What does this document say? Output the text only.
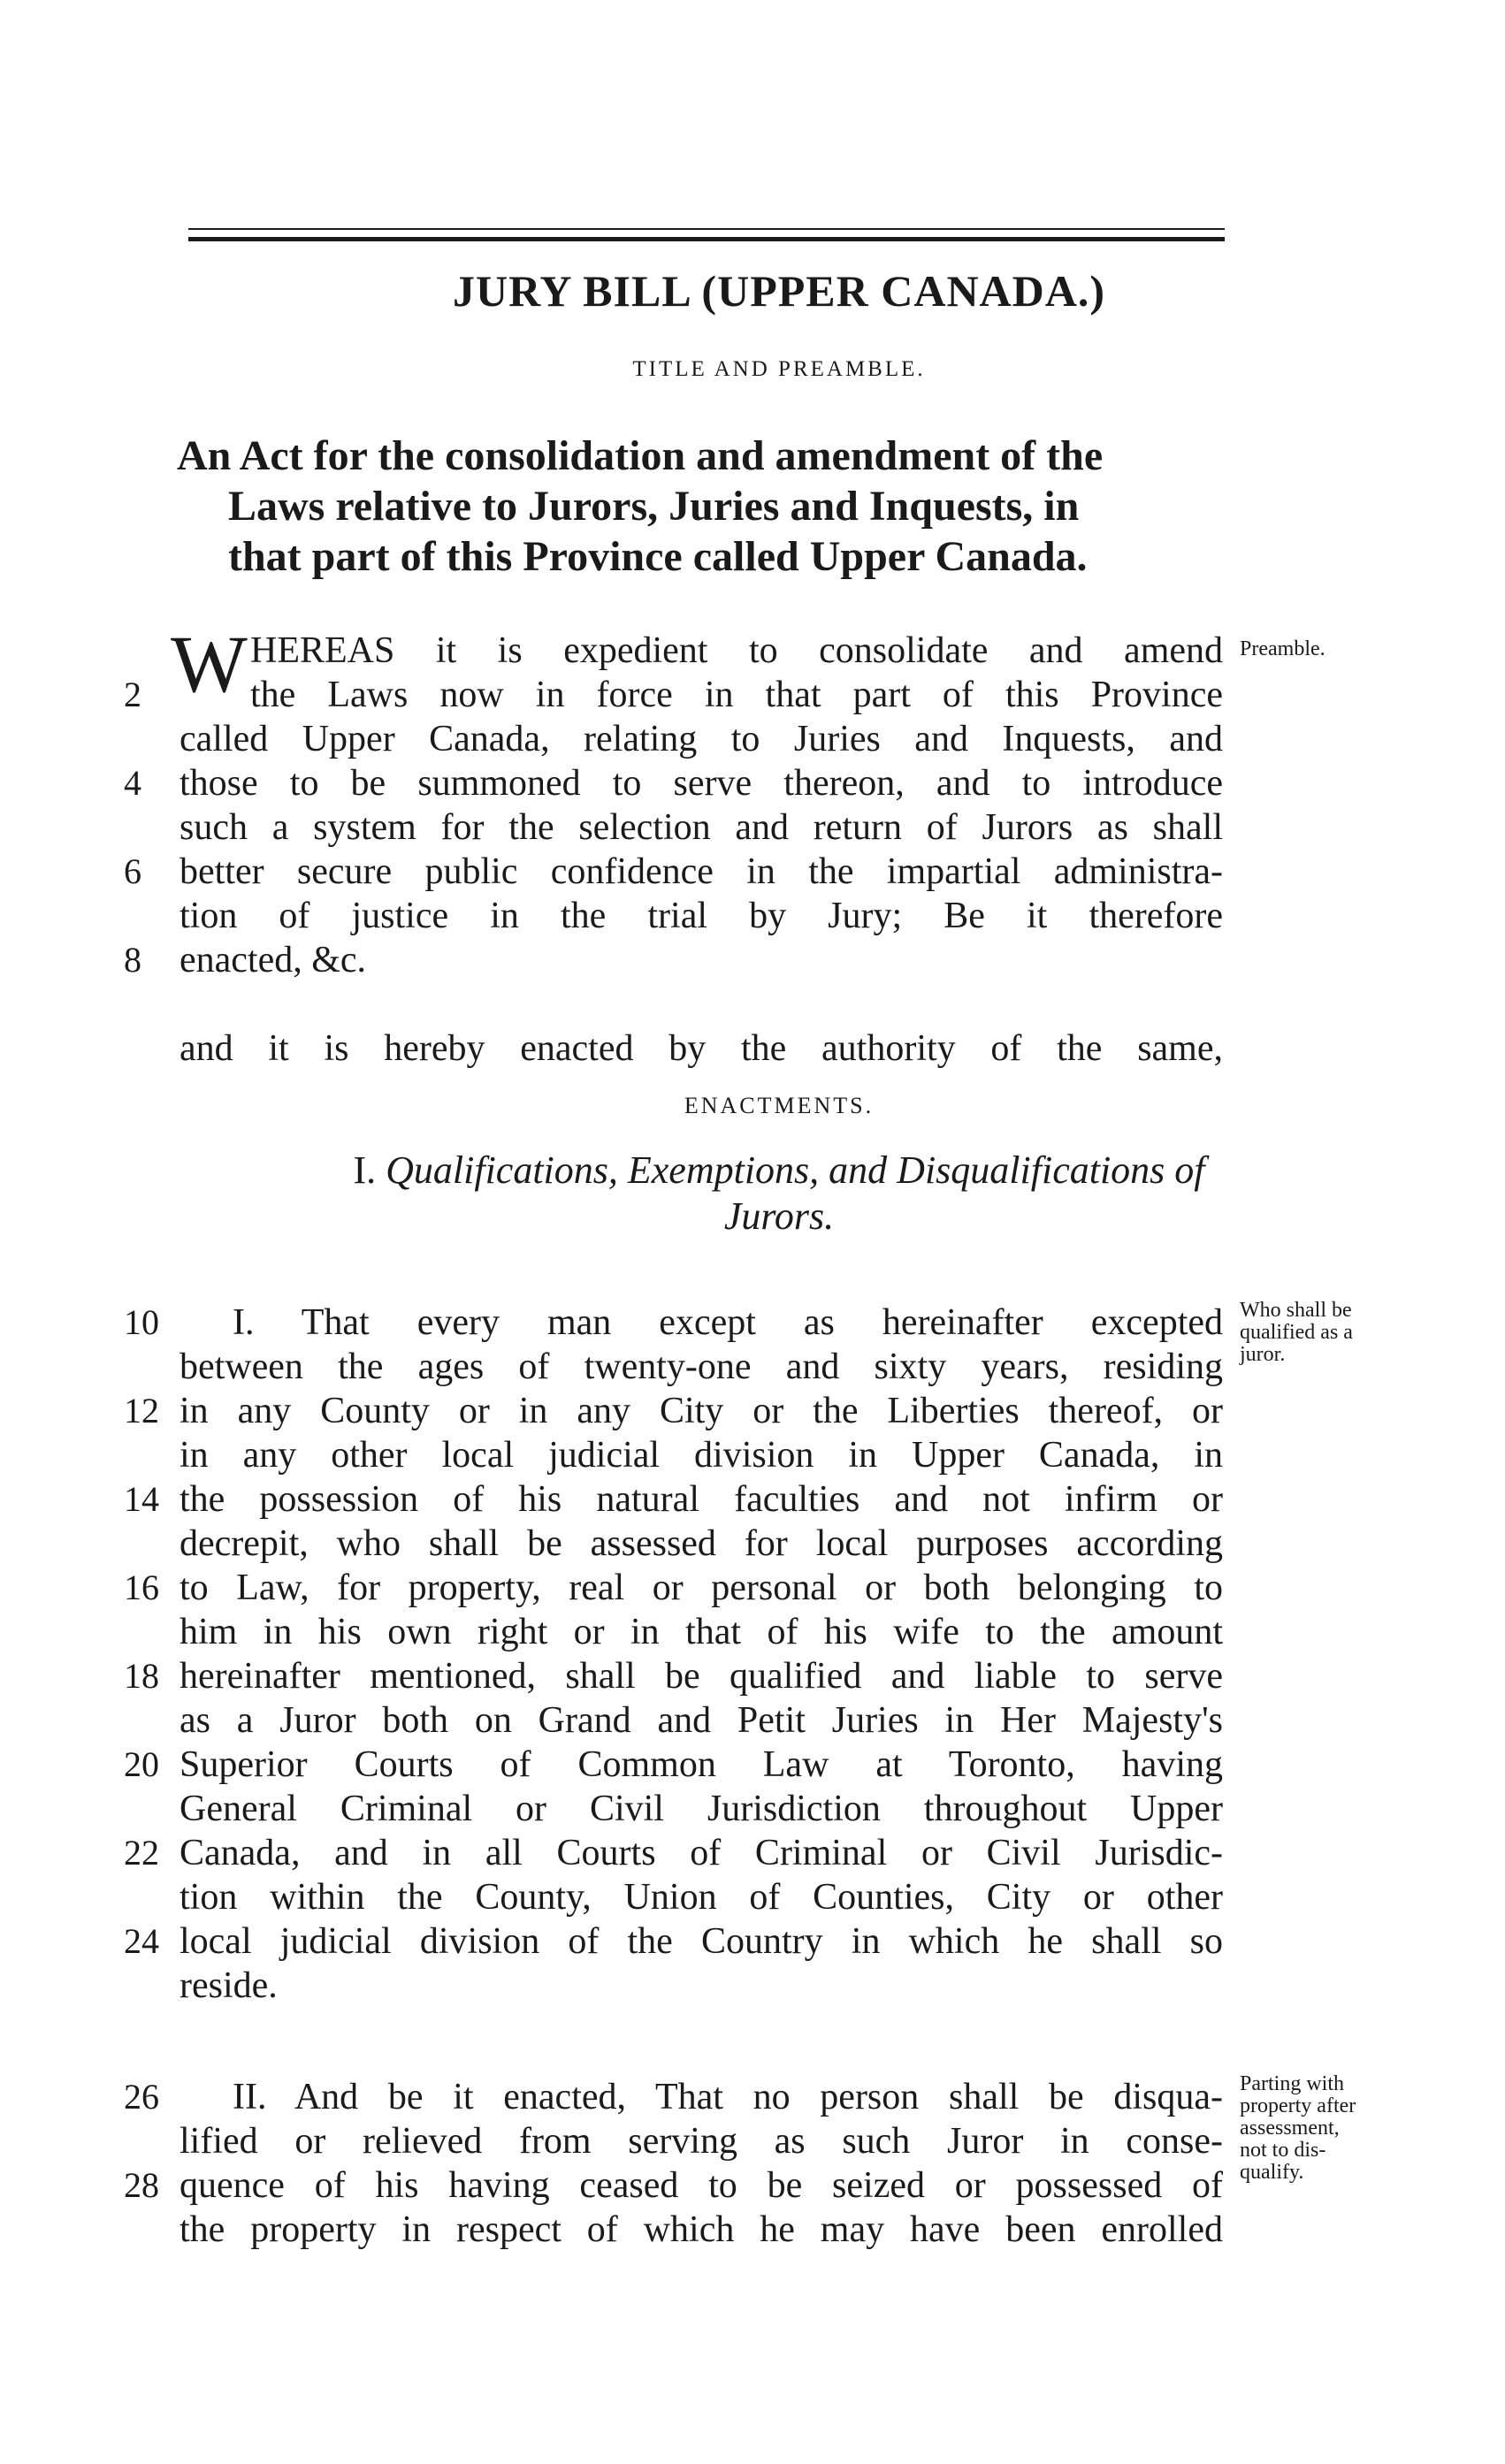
JURY BILL (UPPER CANADA.)
TITLE AND PREAMBLE.
An Act for the consolidation and amendment of the
Laws relative to Jurors, Juries and Inquests, in
that part of this Province called Upper Canada.
W	Preamble.
HEREAS it is expedient to consolidate and amend
2	the Laws now in force in that part of this Province
called Upper Canada, relating to Juries and Inquests, and
4	those to be summoned to serve thereon, and to introduce
such a system for the selection and return of Jurors as shall
6	better secure public confidence in the impartial administra-
tion of justice in the trial by Jury; Be it therefore
8	enacted, &c.
and it is hereby enacted by the authority of the same,
ENACTMENTS.
I. Qualifications, Exemptions, and Disqualifications of
Jurors.
Who shall be
qualified as a
juror.
10	I. That every man except as hereinafter excepted
between the ages of twenty-one and sixty years, residing
12 in any County or in any City or the Liberties thereof, or
in any other local judicial division in Upper Canada, in
14 the possession of his natural faculties and not infirm or
decrepit, who shall be assessed for local purposes according
16 to Law, for property, real or personal or both belonging to
him in his own right or in that of his wife to the amount
18 hereinafter mentioned, shall be qualified and liable to serve
as a Juror both on Grand and Petit Juries in Her Majesty's
20 Superior Courts of Common Law at Toronto, having
General Criminal or Civil Jurisdiction throughout Upper
22 Canada, and in all Courts of Criminal or Civil Jurisdic-
tion within the County, Union of Counties, City or other
24 local judicial division of the Country in which he shall so
reside.
Parting with
property after
assessment,
not to dis-
qualify.
26	II. And be it enacted, That no person shall be disqua-
lified or relieved from serving as such Juror in conse-
28 quence of his having ceased to be seized or possessed of
the property in respect of which he may have been enrolled
